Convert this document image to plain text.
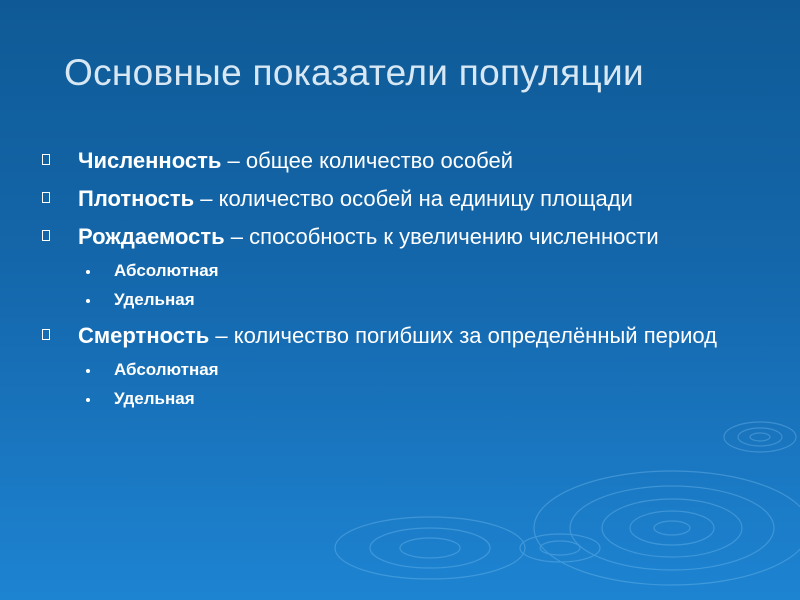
Основные показатели популяции
Численность – общее количество особей
Плотность – количество особей на единицу площади
Рождаемость – способность к увеличению численности
Абсолютная
Удельная
Смертность – количество погибших за определённый период
Абсолютная
Удельная
